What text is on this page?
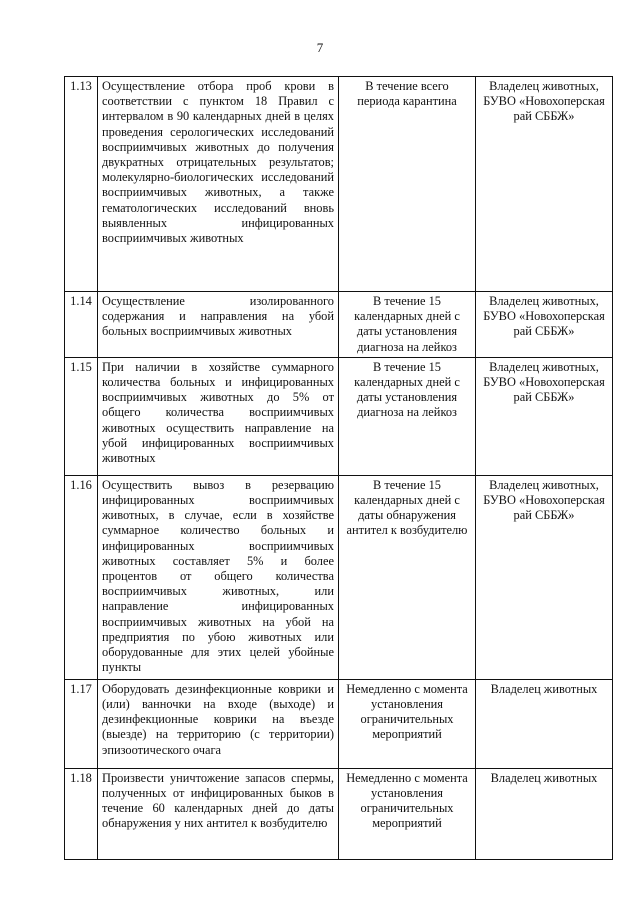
7
1.13	Осуществление отбора проб крови в соответствии с пунктом 18 Правил с интервалом в 90 календарных дней в целях проведения серологических исследований восприимчивых животных до получения двукратных отрицательных результатов; молекулярно-биологических исследований восприимчивых животных, а также гематологических исследований вновь выявленных инфицированных восприимчивых животных	В течение всего периода карантина	Владелец животных, БУВО «Новохоперская рай СББЖ»
1.14	Осуществление изолированного содержания и направления на убой больных восприимчивых животных	В течение 15 календарных дней с даты установления диагноза на лейкоз	Владелец животных, БУВО «Новохоперская рай СББЖ»
1.15	При наличии в хозяйстве суммарного количества больных и инфицированных восприимчивых животных до 5% от общего количества восприимчивых животных осуществить направление на убой инфицированных восприимчивых животных	В течение 15 календарных дней с даты установления диагноза на лейкоз	Владелец животных, БУВО «Новохоперская рай СББЖ»
1.16	Осуществить вывоз в резервацию инфицированных восприимчивых животных, в случае, если в хозяйстве суммарное количество больных и инфицированных восприимчивых животных составляет 5% и более процентов от общего количества восприимчивых животных, или направление инфицированных восприимчивых животных на убой на предприятия по убою животных или оборудованные для этих целей убойные пункты	В течение 15 календарных дней с даты обнаружения антител к возбудителю	Владелец животных, БУВО «Новохоперская рай СББЖ»
1.17	Оборудовать дезинфекционные коврики и (или) ванночки на входе (выходе) и дезинфекционные коврики на въезде (выезде) на территорию (с территории) эпизоотического очага	Немедленно с момента установления ограничительных мероприятий	Владелец животных
1.18	Произвести уничтожение запасов спермы, полученных от инфицированных быков в течение 60 календарных дней до даты обнаружения у них антител к возбудителю	Немедленно с момента установления ограничительных мероприятий	Владелец животных
